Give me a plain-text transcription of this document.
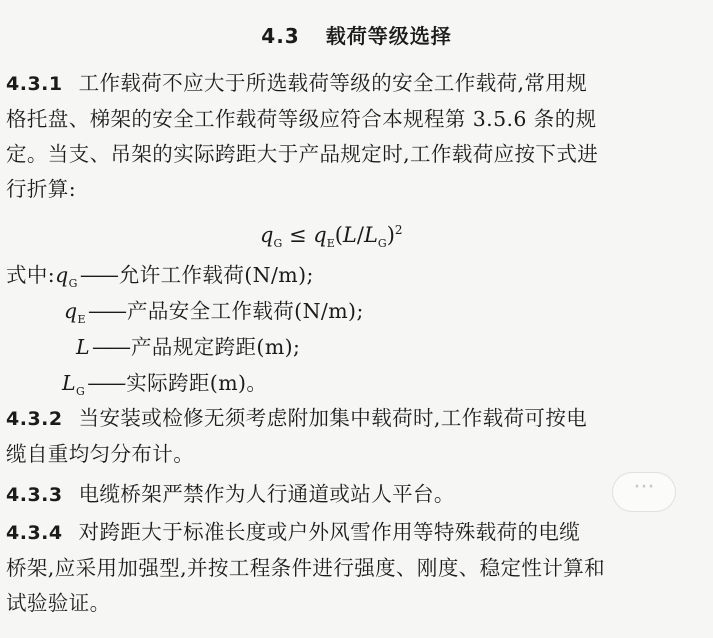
4.3 载荷等级选择
4.3.1 工作载荷不应大于所选载荷等级的安全工作载荷,常用规
格托盘、梯架的安全工作载荷等级应符合本规程第 3.5.6 条的规
定。当支、吊架的实际跨距大于产品规定时,工作载荷应按下式进
行折算:
$q_G \le q_E(L/L_G)^2$
式中$:q_G——$允许工作载荷(N/m);
$q_E——$产品安全工作载荷(N/m);
L——产品规定跨距(m);
$L_G——$实际跨距(m)。
4.3.2 当安装或检修无须考虑附加集中载荷时,工作载荷可按电
缆自重均匀分布计。
4.3.3 电缆桥架严禁作为人行通道或站人平台。
4.3.4 对跨距大于标准长度或户外风雪作用等特殊载荷的电缆
桥架,应采用加强型,并按工程条件进行强度、刚度、稳定性计算和
试验验证。
···
